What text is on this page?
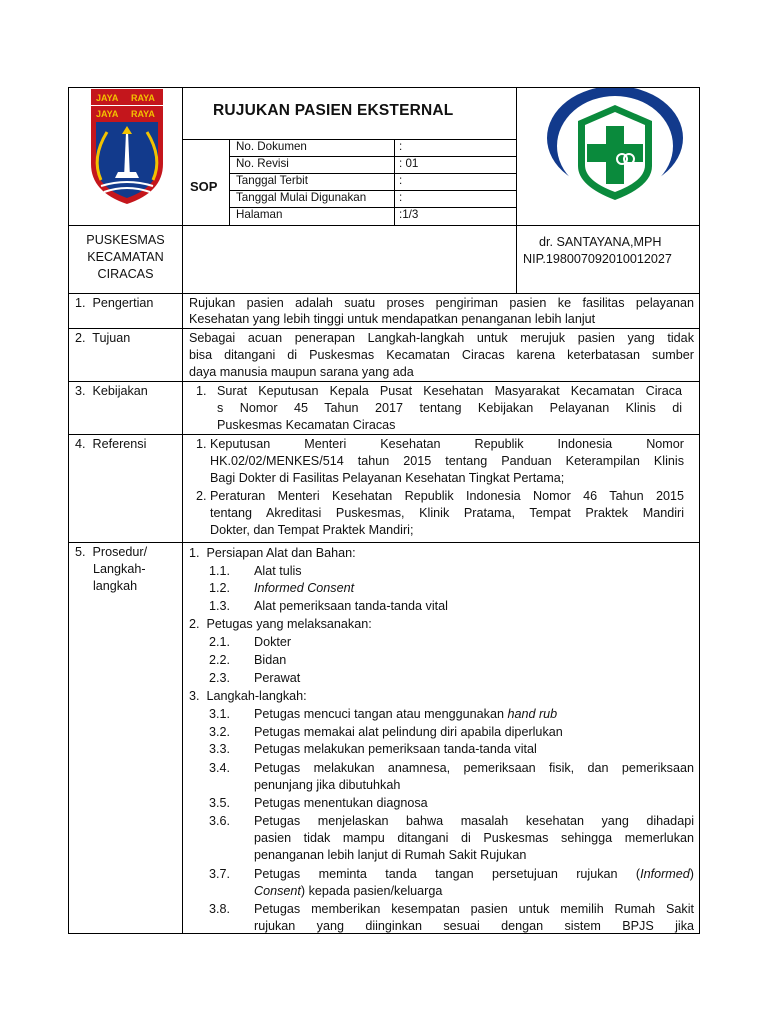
JAYA RAYA
JAYA RAYA	RUJUKAN PASIEN EKSTERNAL
SOP
No. Dokumen	:
No. Revisi	: 01
Tanggal Terbit	:
Tanggal Mulai Digunakan	:
Halaman	:1/3
PUSKESMAS
KECAMATAN
CIRACAS
dr. SANTAYANA,MPH
NIP.198007092010012027
1.  Pengertian	Rujukan pasien adalah suatu proses pengiriman pasien ke fasilitas pelayanan
Kesehatan yang lebih tinggi untuk mendapatkan penanganan lebih lanjut
2.  Tujuan	Sebagai acuan penerapan Langkah-langkah untuk merujuk pasien yang tidak
bisa ditangani di Puskesmas Kecamatan Ciracas karena keterbatasan sumber
daya manusia maupun sarana yang ada
3.  Kebijakan	1. Surat Keputusan Kepala Pusat Kesehatan Masyarakat Kecamatan Ciraca
s Nomor 45 Tahun 2017 tentang Kebijakan Pelayanan Klinis di
Puskesmas Kecamatan Ciracas
4.  Referensi	1. Keputusan Menteri Kesehatan Republik Indonesia Nomor
HK.02/02/MENKES/514 tahun 2015 tentang Panduan Keterampilan Klinis
Bagi Dokter di Fasilitas Pelayanan Kesehatan Tingkat Pertama;
2. Peraturan Menteri Kesehatan Republik Indonesia Nomor 46 Tahun 2015
tentang Akreditasi Puskesmas, Klinik Pratama, Tempat Praktek Mandiri
Dokter, dan Tempat Praktek Mandiri;
5.  Prosedur/
Langkah-
langkah
1.  Persiapan Alat dan Bahan:
1.1. Alat tulis
1.2. Informed Consent
1.3. Alat pemeriksaan tanda-tanda vital
2.  Petugas yang melaksanakan:
2.1. Dokter
2.2. Bidan
2.3. Perawat
3.  Langkah-langkah:
3.1. Petugas mencuci tangan atau menggunakan hand rub
3.2. Petugas memakai alat pelindung diri apabila diperlukan
3.3. Petugas melakukan pemeriksaan tanda-tanda vital
3.4. Petugas melakukan anamnesa, pemeriksaan fisik, dan pemeriksaan
penunjang jika dibutuhkah
3.5. Petugas menentukan diagnosa
3.6. Petugas menjelaskan bahwa masalah kesehatan yang dihadapi
pasien tidak mampu ditangani di Puskesmas sehingga memerlukan
penanganan lebih lanjut di Rumah Sakit Rujukan
3.7. Petugas meminta tanda tangan persetujuan rujukan (Informed)
Consent) kepada pasien/keluarga
3.8. Petugas memberikan kesempatan pasien untuk memilih Rumah Sakit
rujukan yang diinginkan sesuai dengan sistem BPJS jika
